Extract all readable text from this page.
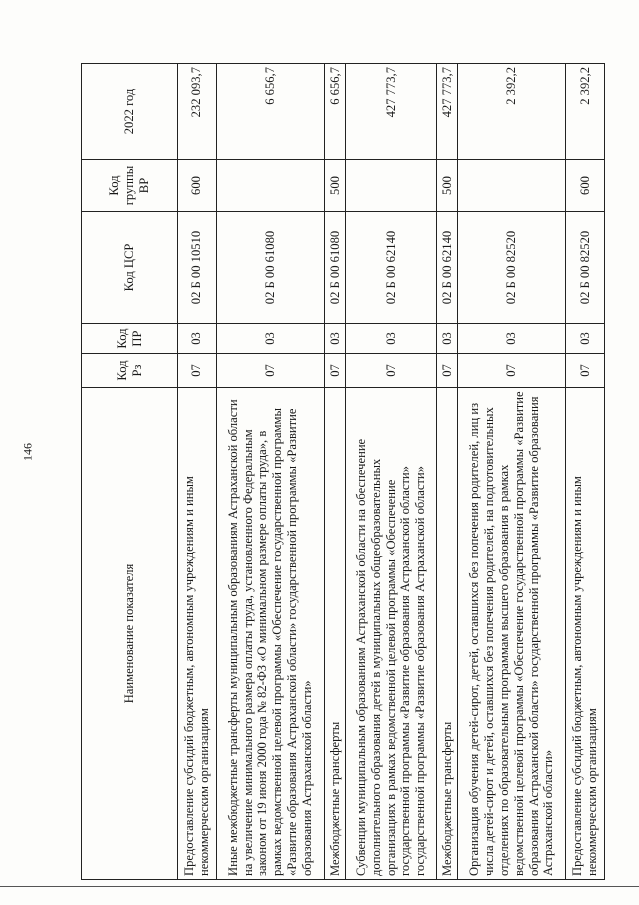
146
Наименование показателя	Код Рз	Код ПР	Код ЦСР	Код группы ВР	2022 год
Предоставление субсидий бюджетным, автономным учреждениям и иным некоммерческим организациям	07	03	02 Б 00 10510	600	232 093,7
Иные межбюджетные трансферты муниципальным образованиям Астраханской области на увеличение минимального размера оплаты труда, установленного Федеральным законом от 19 июня 2000 года № 82-ФЗ «О минимальном размере оплаты труда», в рамках ведомственной целевой программы «Обеспечение государственной программы «Развитие образования Астраханской области» государственной программы «Развитие образования Астраханской области»	07	03	02 Б 00 61080		6 656,7
Межбюджетные трансферты	07	03	02 Б 00 61080	500	6 656,7
Субвенции муниципальным образованиям Астраханской области на обеспечение дополнительного образования детей в муниципальных общеобразовательных организациях в рамках ведомственной целевой программы «Обеспечение государственной программы «Развитие образования Астраханской области» государственной программы «Развитие образования Астраханской области»	07	03	02 Б 00 62140		427 773,7
Межбюджетные трансферты	07	03	02 Б 00 62140	500	427 773,7
Организация обучения детей-сирот, детей, оставшихся без попечения родителей, лиц из числа детей-сирот и детей, оставшихся без попечения родителей, на подготовительных отделениях по образовательным программам высшего образования в рамках ведомственной целевой программы «Обеспечение государственной программы «Развитие образования Астраханской области» государственной программы «Развитие образования Астраханской области»	07	03	02 Б 00 82520		2 392,2
Предоставление субсидий бюджетным, автономным учреждениям и иным некоммерческим организациям	07	03	02 Б 00 82520	600	2 392,2
